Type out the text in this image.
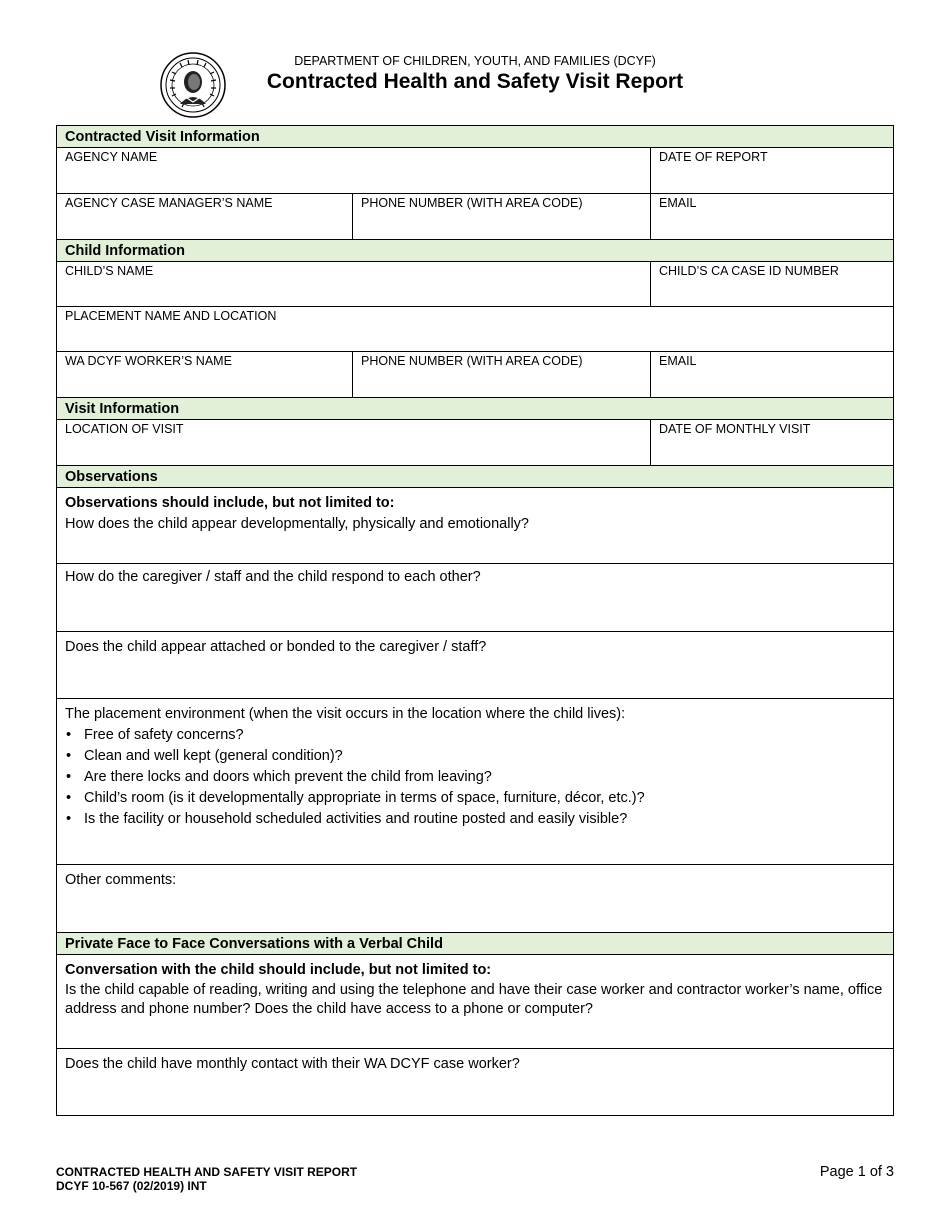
DEPARTMENT OF CHILDREN, YOUTH, AND FAMILIES (DCYF)
Contracted Health and Safety Visit Report
Contracted Visit Information
AGENCY NAME	DATE OF REPORT
AGENCY CASE MANAGER’S NAME	PHONE NUMBER (WITH AREA CODE)	EMAIL
Child Information
CHILD’S NAME	CHILD’S CA CASE ID NUMBER
PLACEMENT NAME AND LOCATION
WA DCYF WORKER’S NAME	PHONE NUMBER (WITH AREA CODE)	EMAIL
Visit Information
LOCATION OF VISIT	DATE OF MONTHLY VISIT
Observations
Observations should include, but not limited to:
How does the child appear developmentally, physically and emotionally?
How do the caregiver / staff and the child respond to each other?
Does the child appear attached or bonded to the caregiver / staff?
The placement environment (when the visit occurs in the location where the child lives):
• Free of safety concerns?
• Clean and well kept (general condition)?
• Are there locks and doors which prevent the child from leaving?
• Child’s room (is it developmentally appropriate in terms of space, furniture, décor, etc.)?
• Is the facility or household scheduled activities and routine posted and easily visible?
Other comments:
Private Face to Face Conversations with a Verbal Child
Conversation with the child should include, but not limited to:
Is the child capable of reading, writing and using the telephone and have their case worker and contractor worker’s name, office address and phone number? Does the child have access to a phone or computer?
Does the child have monthly contact with their WA DCYF case worker?
CONTRACTED HEALTH AND SAFETY VISIT REPORT
DCYF 10-567 (02/2019) INT
Page 1 of 3
